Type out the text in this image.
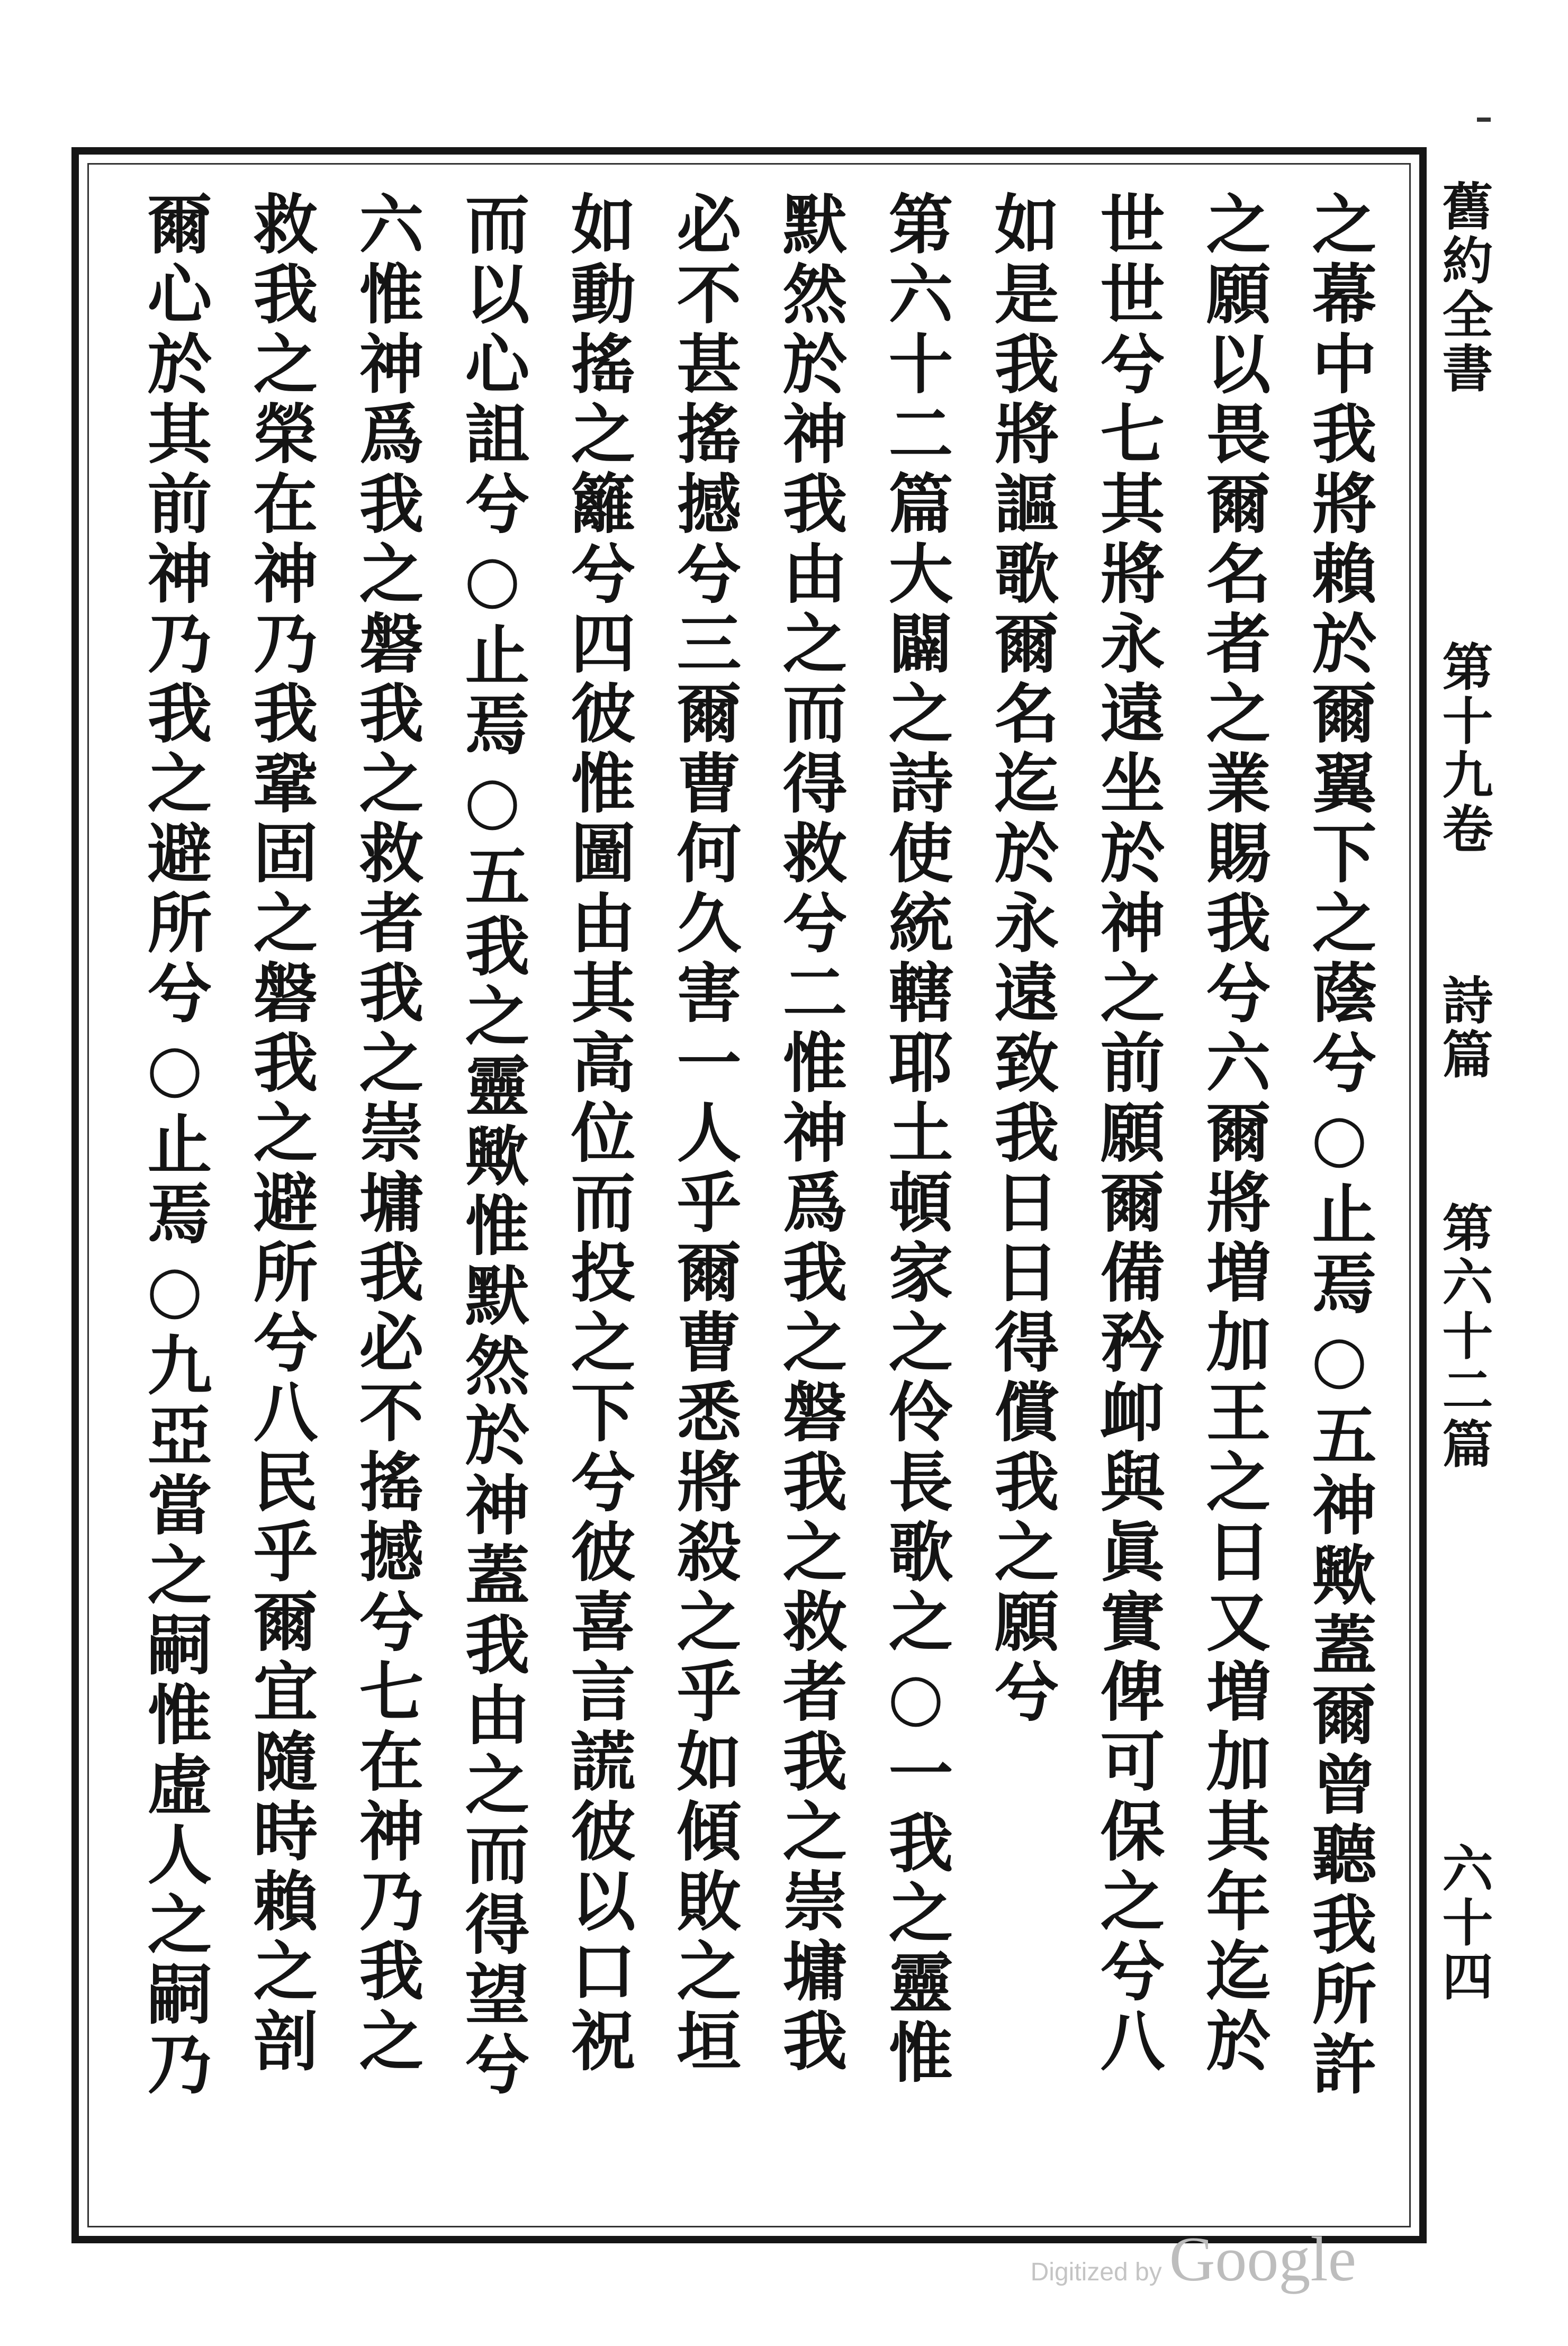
舊約全書
第十九卷
詩篇
第六十二篇
六十四
之幕中我將賴於爾翼下之蔭兮○止焉○五神歟蓋爾曾聽我所許
之願以畏爾名者之業賜我兮六爾將増加王之日又増加其年迄於
世世兮七其將永遠坐於神之前願爾備矜卹與眞實俾可保之兮八
如是我將謳歌爾名迄於永遠致我日日得償我之願兮
第六十二篇大闢之詩使統轄耶土頓家之伶長歌之○一我之靈惟
默然於神我由之而得救兮二惟神爲我之磐我之救者我之崇墉我
必不甚搖撼兮三爾曹何久害一人乎爾曹悉將殺之乎如傾敗之垣
如動搖之籬兮四彼惟圖由其高位而投之下兮彼喜言謊彼以口祝
而以心詛兮○止焉○五我之靈歟惟默然於神蓋我由之而得望兮
六惟神爲我之磐我之救者我之崇墉我必不搖撼兮七在神乃我之
救我之榮在神乃我鞏固之磐我之避所兮八民乎爾宜隨時賴之剖
爾心於其前神乃我之避所兮○止焉○九亞當之嗣惟虛人之嗣乃
Digitized by Google
